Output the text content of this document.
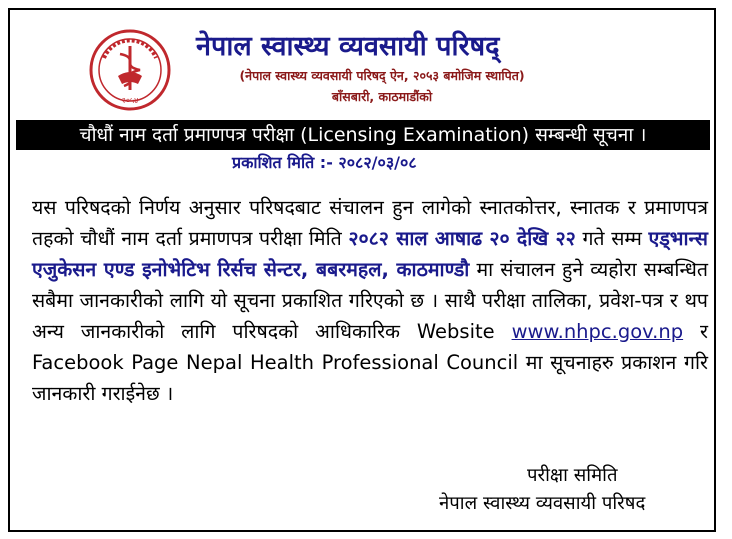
२०५४
नेपाल स्वास्थ्य व्यवसायी परिषद्
(नेपाल स्वास्थ्य व्यवसायी परिषद् ऐन, २०५३ बमोजिम स्थापित)
बाँसबारी, काठमाडौंको
चौधौं नाम दर्ता प्रमाणपत्र परीक्षा (Licensing Examination) सम्बन्धी सूचना ।
प्रकाशित मिति :- २०८२/०३/०८
यस परिषदको निर्णय अनुसार परिषदबाट संचालन हुन लागेको स्नातकोत्तर, स्नातक र प्रमाणपत्र तहको चौधौं नाम दर्ता प्रमाणपत्र परीक्षा मिति २०८२ साल आषाढ २० देखि २२ गते सम्म एड्भान्स एजुकेसन एण्ड इनोभेटिभ रिर्सच सेन्टर, बबरमहल, काठमाण्डौ मा संचालन हुने व्यहोरा सम्बन्धित सबैमा जानकारीको लागि यो सूचना प्रकाशित गरिएको छ । साथै परीक्षा तालिका, प्रवेश-पत्र र थप अन्य जानकारीको लागि परिषदको आधिकारिक Website www.nhpc.gov.np र Facebook Page Nepal Health Professional Council मा सूचनाहरु प्रकाशन गरि जानकारी गराईनेछ ।
परीक्षा समिति
नेपाल स्वास्थ्य व्यवसायी परिषद
